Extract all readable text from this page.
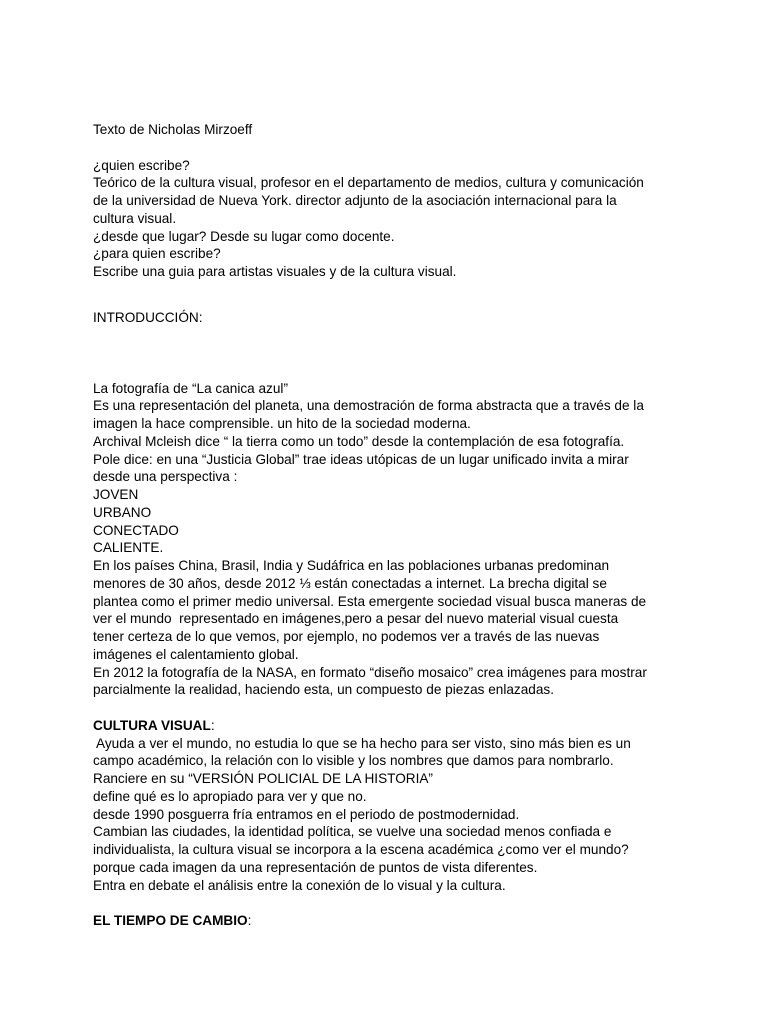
Texto de Nicholas Mirzoeff
¿quien escribe?
Teórico de la cultura visual, profesor en el departamento de medios, cultura y comunicación
de la universidad de Nueva York. director adjunto de la asociación internacional para la
cultura visual.
¿desde que lugar? Desde su lugar como docente.
¿para quien escribe?
Escribe una guia para artistas visuales y de la cultura visual.
INTRODUCCIÓN:
La fotografía de “La canica azul”
Es una representación del planeta, una demostración de forma abstracta que a través de la
imagen la hace comprensible. un hito de la sociedad moderna.
Archival Mcleish dice “ la tierra como un todo” desde la contemplación de esa fotografía.
Pole dice: en una “Justicia Global” trae ideas utópicas de un lugar unificado invita a mirar
desde una perspectiva :
JOVEN
URBANO
CONECTADO
CALIENTE.
En los países China, Brasil, India y Sudáfrica en las poblaciones urbanas predominan
menores de 30 años, desde 2012 ⅓ están conectadas a internet. La brecha digital se
plantea como el primer medio universal. Esta emergente sociedad visual busca maneras de
ver el mundo  representado en imágenes,pero a pesar del nuevo material visual cuesta
tener certeza de lo que vemos, por ejemplo, no podemos ver a través de las nuevas
imágenes el calentamiento global.
En 2012 la fotografía de la NASA, en formato “diseño mosaico” crea imágenes para mostrar
parcialmente la realidad, haciendo esta, un compuesto de piezas enlazadas.
CULTURA VISUAL:
Ayuda a ver el mundo, no estudia lo que se ha hecho para ser visto, sino más bien es un
campo académico, la relación con lo visible y los nombres que damos para nombrarlo.
Ranciere en su “VERSIÓN POLICIAL DE LA HISTORIA”
define qué es lo apropiado para ver y que no.
desde 1990 posguerra fría entramos en el periodo de postmodernidad.
Cambian las ciudades, la identidad política, se vuelve una sociedad menos confiada e
individualista, la cultura visual se incorpora a la escena académica ¿como ver el mundo?
porque cada imagen da una representación de puntos de vista diferentes.
Entra en debate el análisis entre la conexión de lo visual y la cultura.
EL TIEMPO DE CAMBIO:
